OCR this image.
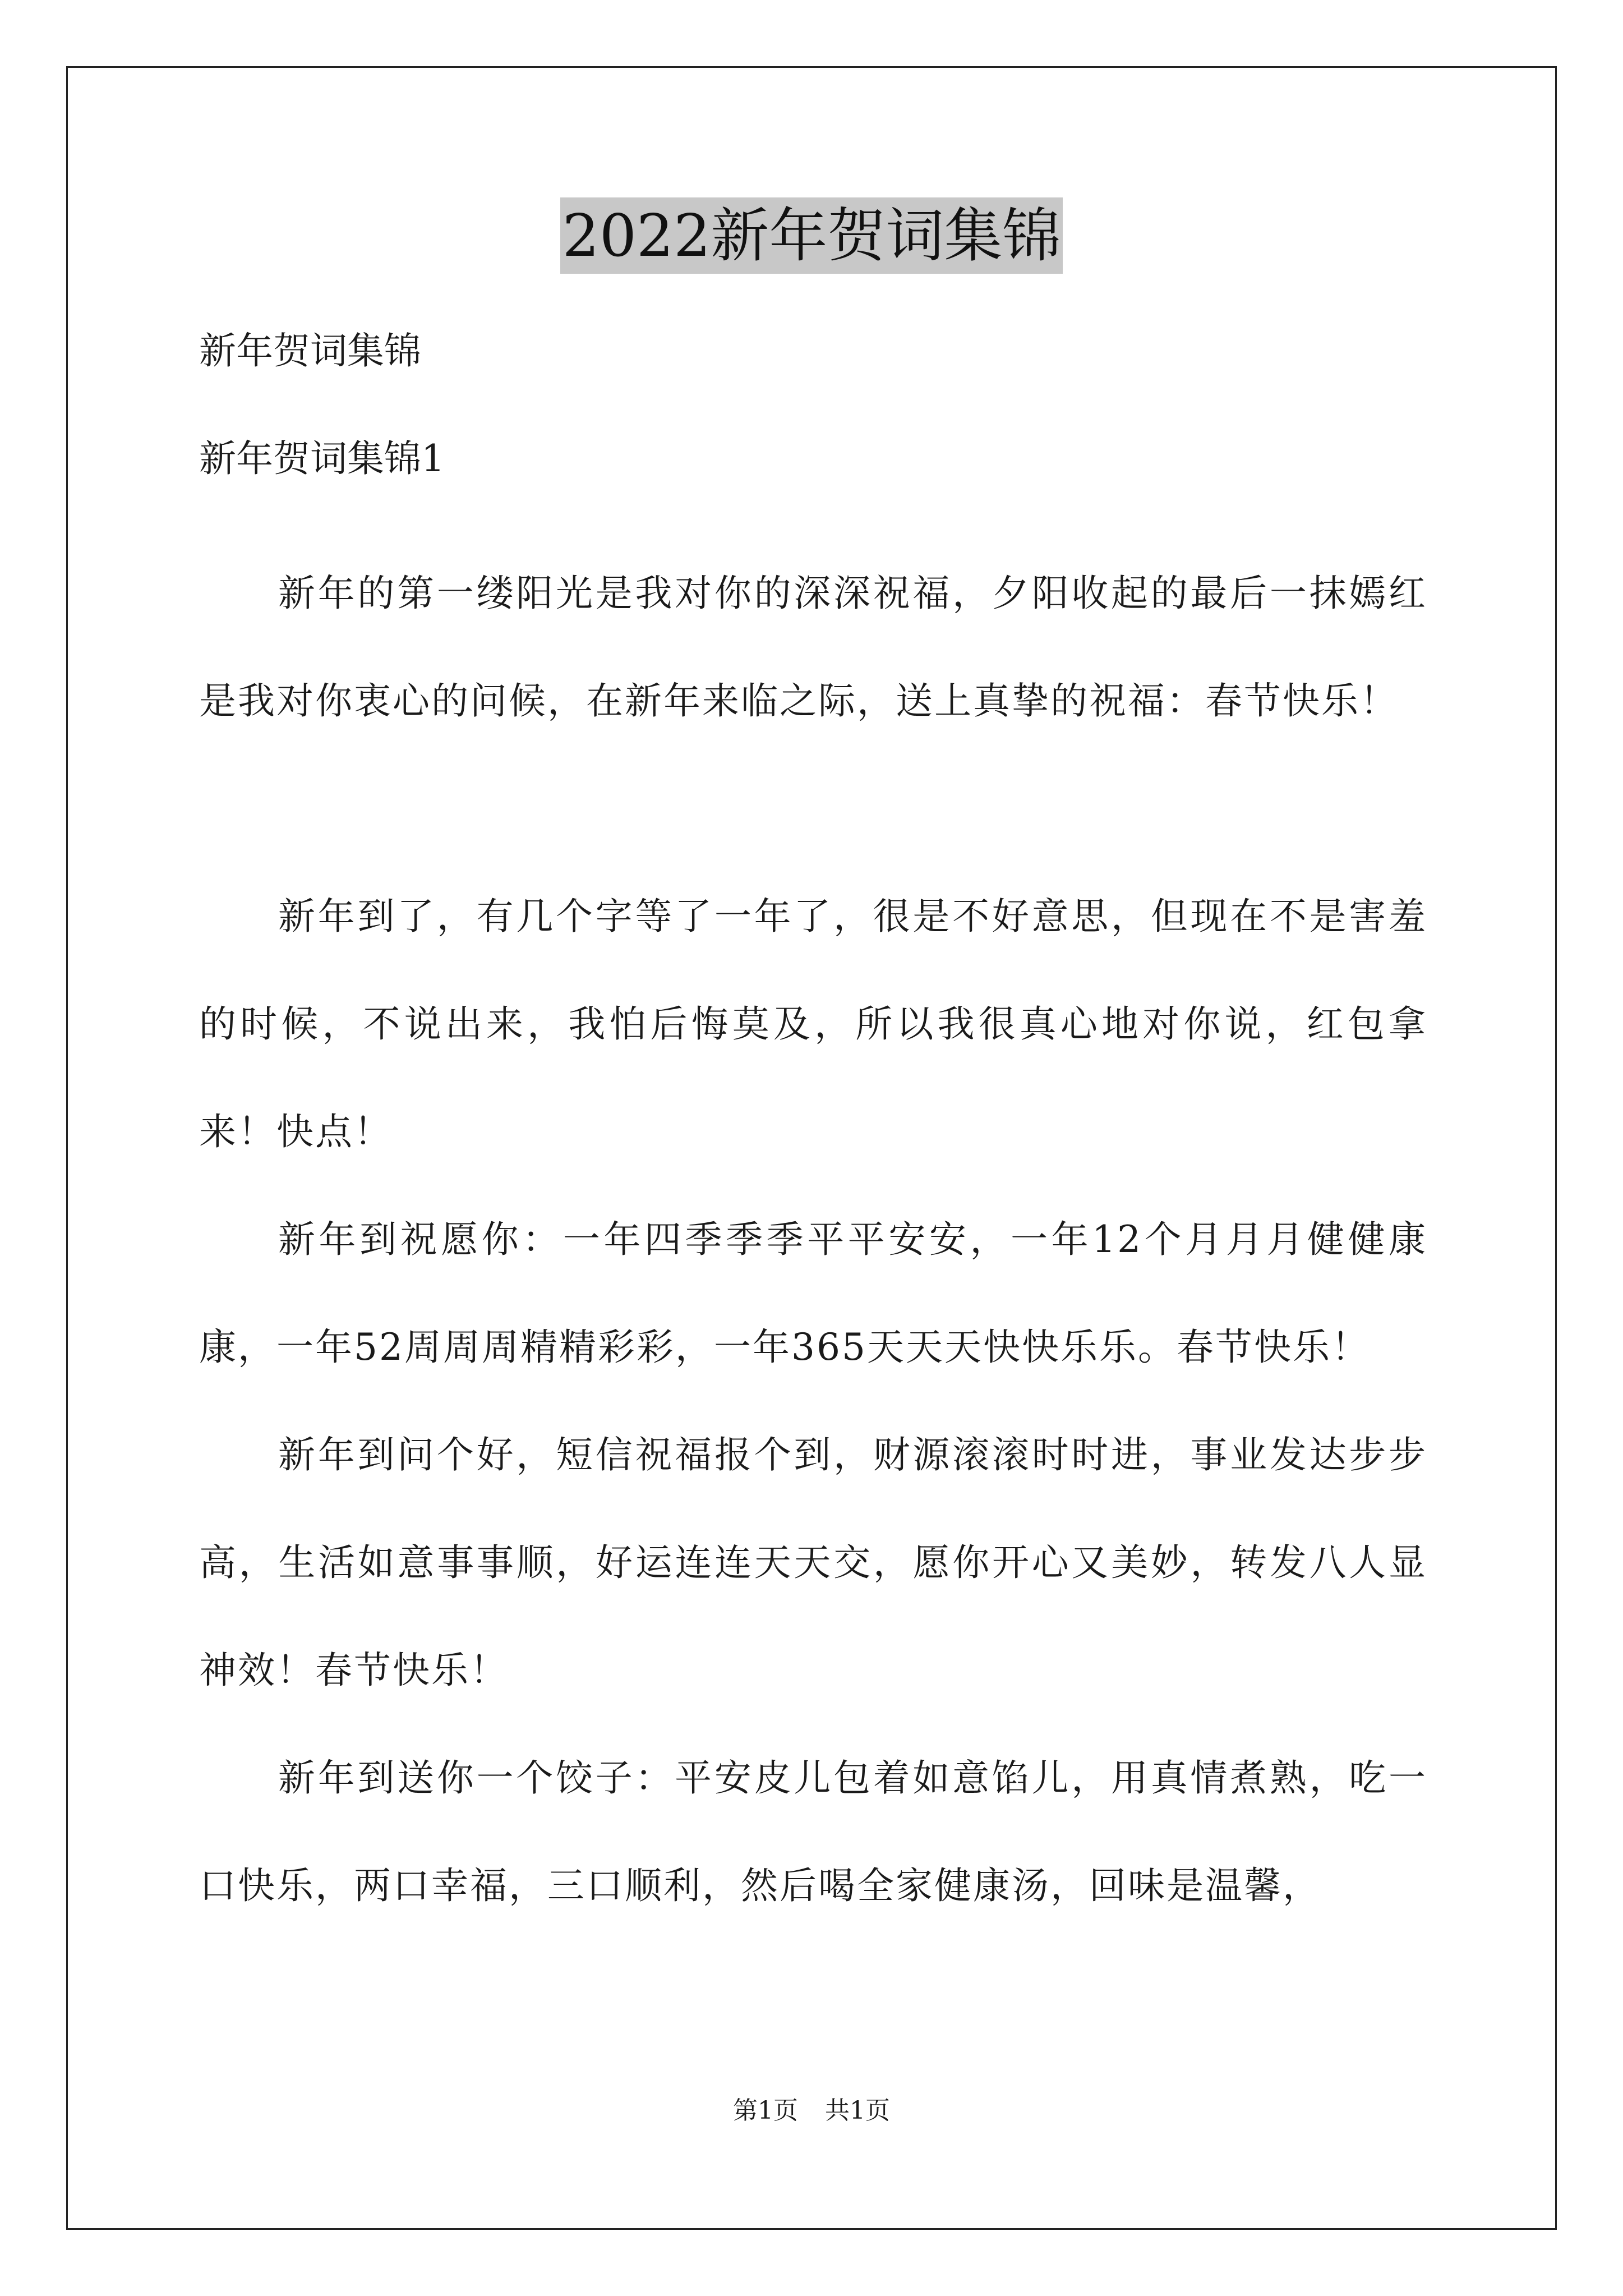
2022新年贺词集锦
新年贺词集锦
新年贺词集锦1

新年的第一缕阳光是我对你的深深祝福，夕阳收起的最后一抹嫣红是我对你衷心的问候，在新年来临之际，送上真挚的祝福：春节快乐！

新年到了，有几个字等了一年了，很是不好意思，但现在不是害羞的时候，不说出来，我怕后悔莫及，所以我很真心地对你说，红包拿来！快点！

新年到祝愿你：一年四季季季平平安安，一年12个月月月健健康康，一年52周周周精精彩彩，一年365天天天快快乐乐。春节快乐！

新年到问个好，短信祝福报个到，财源滚滚时时进，事业发达步步高，生活如意事事顺，好运连连天天交，愿你开心又美妙，转发八人显神效！春节快乐！

新年到送你一个饺子：平安皮儿包着如意馅儿，用真情煮熟，吃一口快乐，两口幸福，三口顺利，然后喝全家健康汤，回味是温馨，

第1页 共1页
